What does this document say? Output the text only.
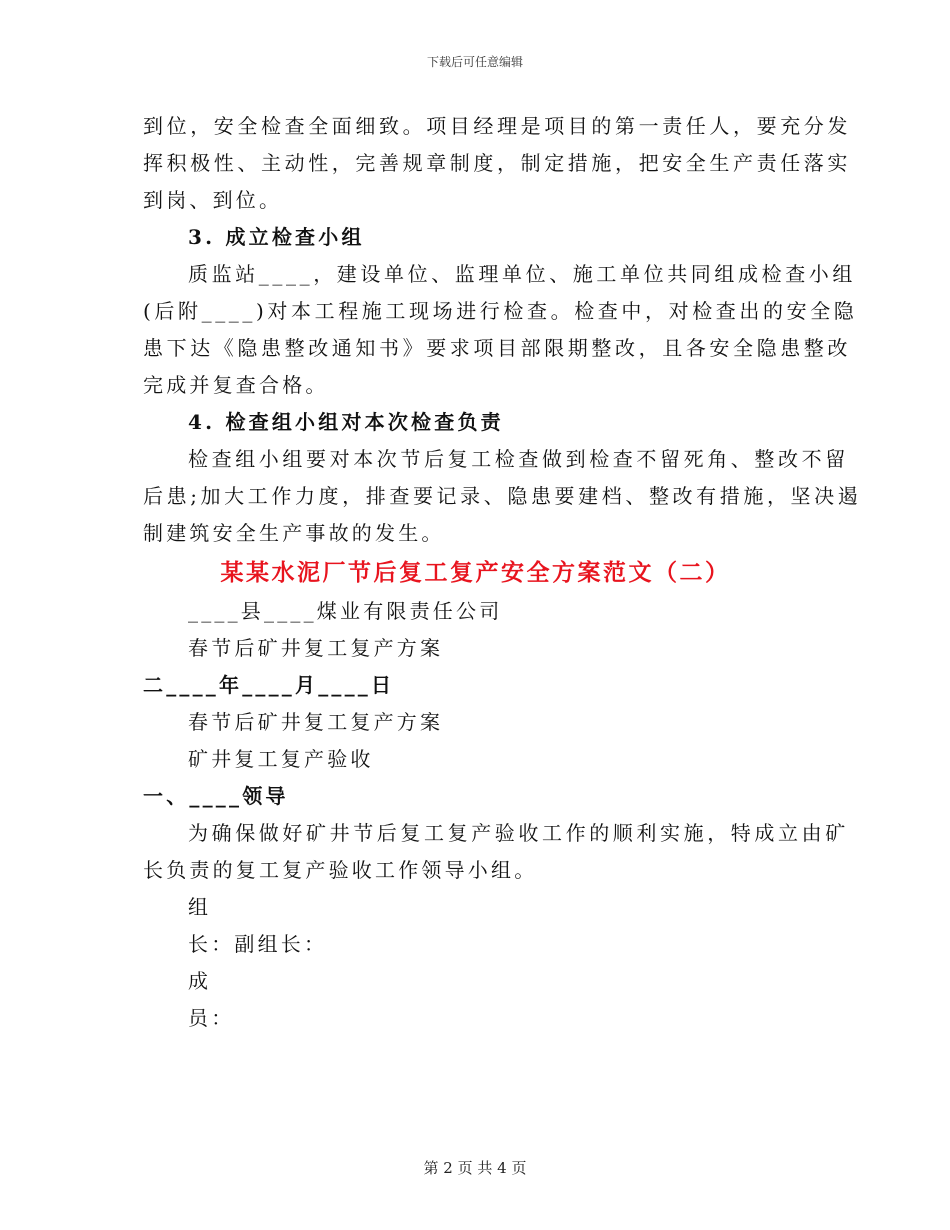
下载后可任意编辑
到位，安全检查全面细致。项目经理是项目的第一责任人，要充分发
挥积极性、主动性，完善规章制度，制定措施，把安全生产责任落实
到岗、到位。
3. 成立检查小组
质监站____，建设单位、监理单位、施工单位共同组成检查小组
(后附____)对本工程施工现场进行检查。检查中，对检查出的安全隐
患下达《隐患整改通知书》要求项目部限期整改，且各安全隐患整改
完成并复查合格。
4. 检查组小组对本次检查负责
检查组小组要对本次节后复工检查做到检查不留死角、整改不留
后患;加大工作力度，排查要记录、隐患要建档、整改有措施，坚决遏
制建筑安全生产事故的发生。
某某水泥厂节后复工复产安全方案范文（二）
____县____煤业有限责任公司
春节后矿井复工复产方案
二____年____月____日
春节后矿井复工复产方案
矿井复工复产验收
一、____领导
为确保做好矿井节后复工复产验收工作的顺利实施，特成立由矿
长负责的复工复产验收工作领导小组。
组
长：副组长：
成
员：
第 2 页 共 4 页
